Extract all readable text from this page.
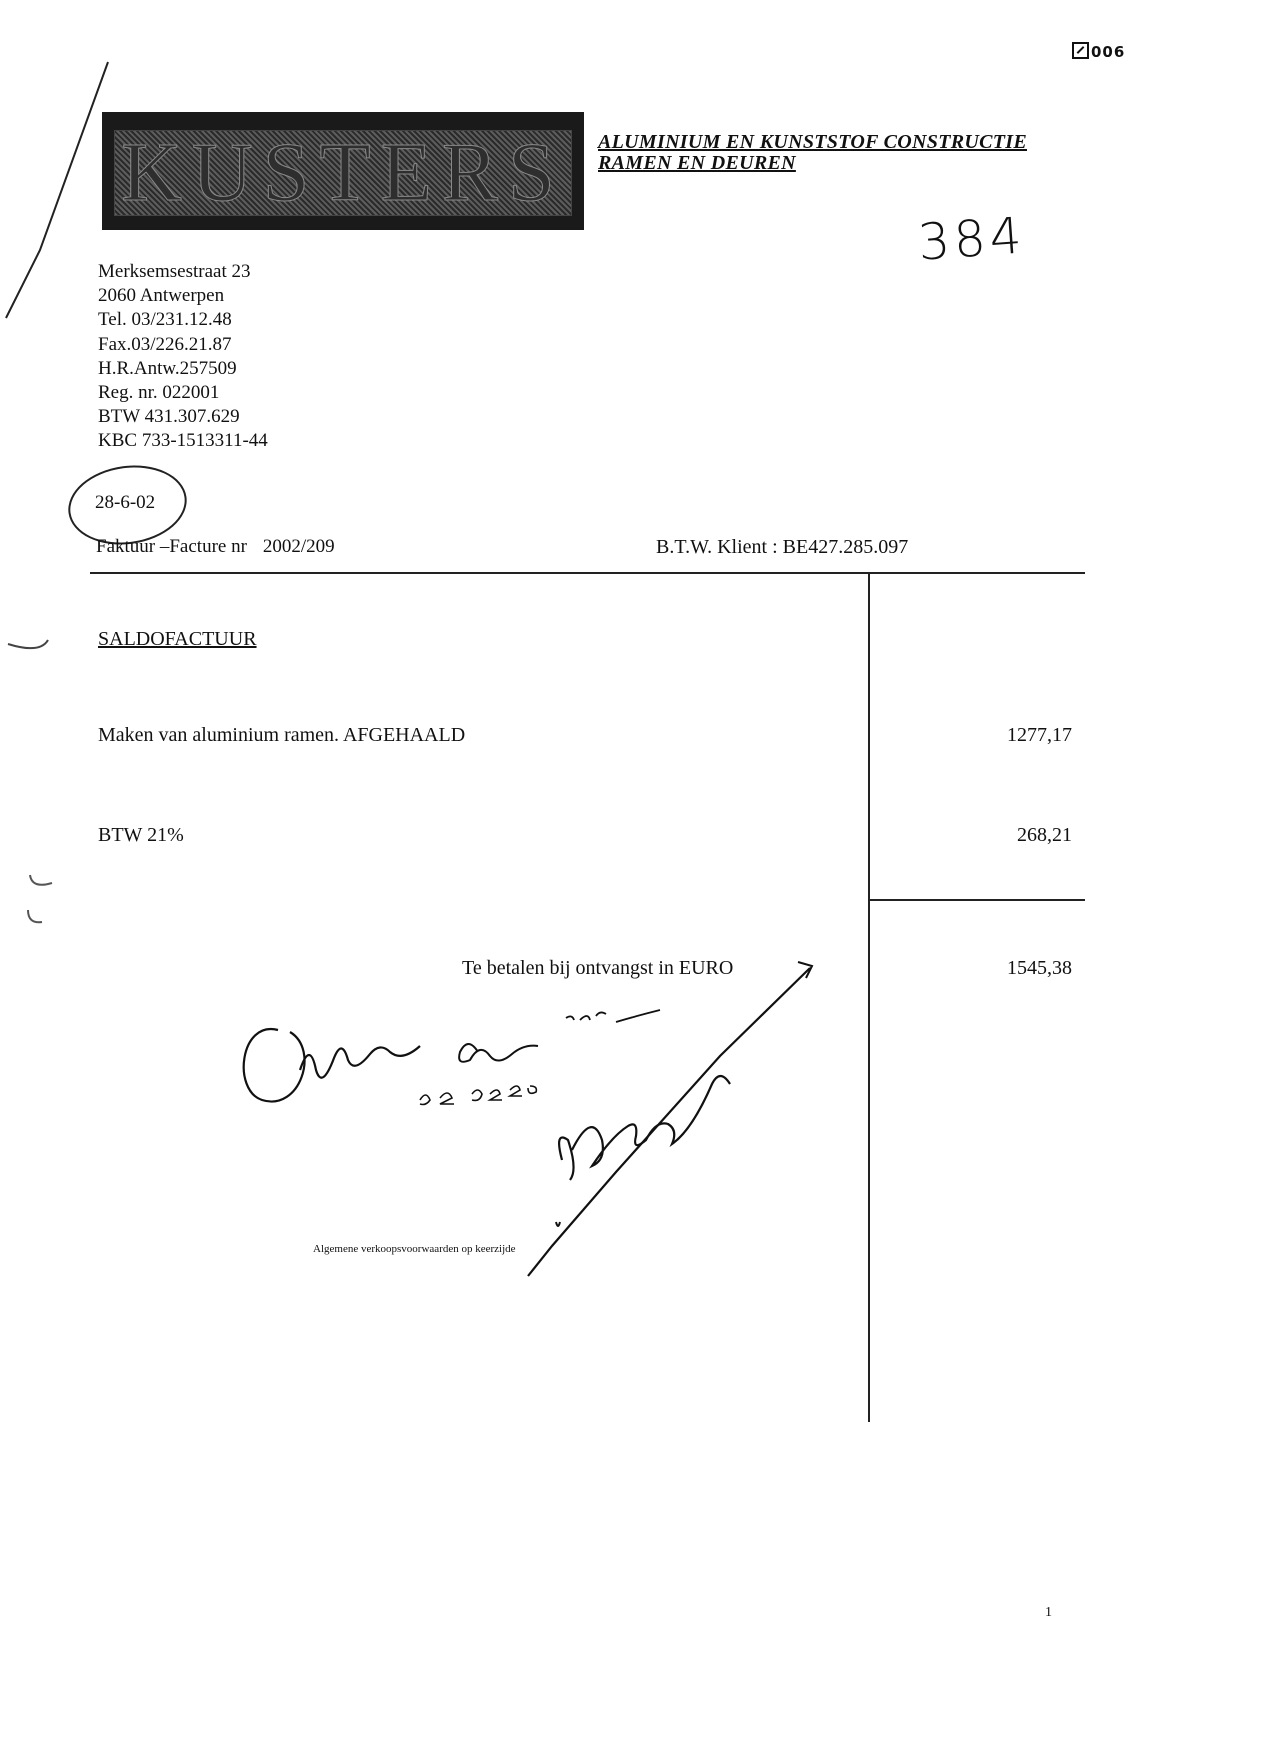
006
KUSTERS	ALUMINIUM EN KUNSTSTOF CONSTRUCTIE
RAMEN EN DEUREN
384
Merksemsestraat 23
2060 Antwerpen
Tel. 03/231.12.48
Fax.03/226.21.87
H.R.Antw.257509
Reg. nr. 022001
BTW 431.307.629
KBC 733-1513311-44
28-6-02
Faktuur –Facture nr 2002/209	B.T.W. Klient : BE427.285.097
SALDOFACTUUR
Maken van aluminium ramen. AFGEHAALD	1277,17
BTW 21%	268,21
Te betalen bij ontvangst in EURO	1545,38
Algemene verkoopsvoorwaarden op keerzijde
1
